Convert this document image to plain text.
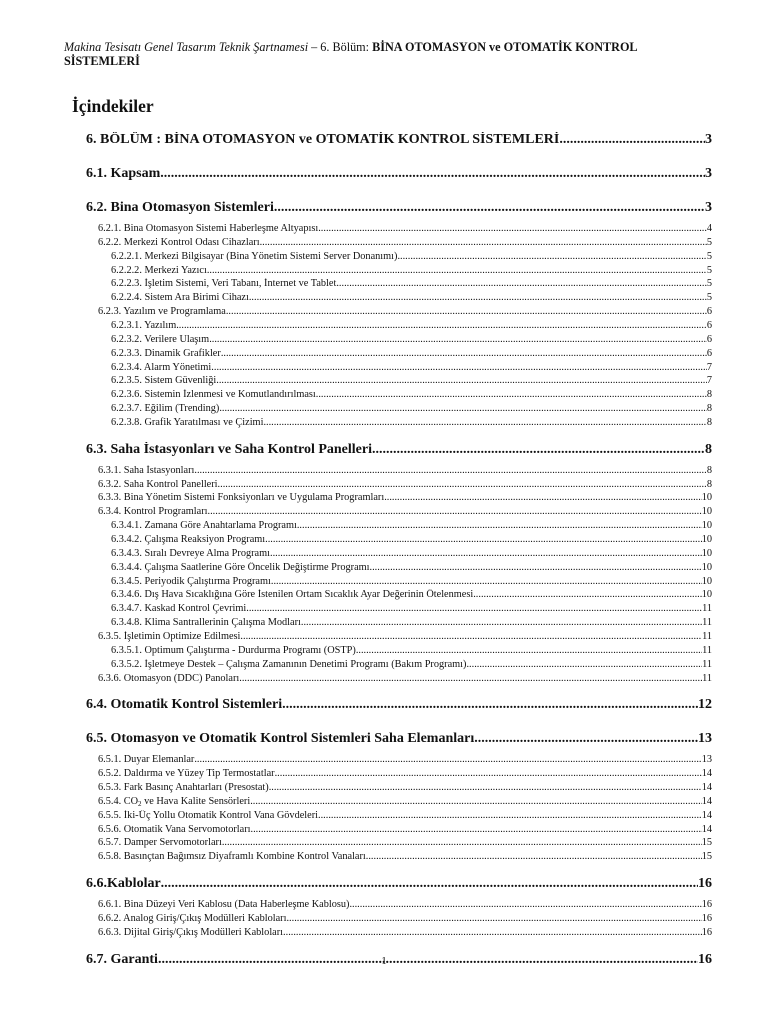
Makina Tesisatı Genel Tasarım Teknik Şartnamesi – 6. Bölüm: BİNA OTOMASYON ve OTOMATİK KONTROL SİSTEMLERİ
İçindekiler
6. BÖLÜM : BİNA OTOMASYON ve OTOMATİK KONTROL SİSTEMLERİ .....	3
6.1. Kapsam .....	3
6.2. Bina Otomasyon Sistemleri .....	3
6.2.1. Bina Otomasyon Sistemi Haberleşme Altyapısı .....	4
6.2.2. Merkezi Kontrol Odası Cihazları .....	5
6.2.2.1. Merkezi Bilgisayar (Bina Yönetim Sistemi Server Donanımı) .....	5
6.2.2.2. Merkezi Yazıcı .....	5
6.2.2.3. İşletim Sistemi, Veri Tabanı, İnternet ve Tablet .....	5
6.2.2.4. Sistem Ara Birimi Cihazı .....	5
6.2.3. Yazılım ve Programlama .....	6
6.2.3.1. Yazılım .....	6
6.2.3.2. Verilere Ulaşım .....	6
6.2.3.3. Dinamik Grafikler .....	6
6.2.3.4. Alarm Yönetimi .....	7
6.2.3.5. Sistem Güvenliği .....	7
6.2.3.6. Sistemin İzlenmesi ve Komutlandırılması .....	8
6.2.3.7. Eğilim (Trending) .....	8
6.2.3.8. Grafik Yaratılması ve Çizimi .....	8
6.3. Saha İstasyonları ve Saha Kontrol Panelleri .....	8
6.3.1. Saha İstasyonları .....	8
6.3.2. Saha Kontrol Panelleri .....	8
6.3.3. Bina Yönetim Sistemi Fonksiyonları ve Uygulama Programları .....	10
6.3.4. Kontrol Programları .....	10
6.3.4.1. Zamana Göre Anahtarlama Programı .....	10
6.3.4.2. Çalışma Reaksiyon Programı .....	10
6.3.4.3. Sıralı Devreye Alma Programı .....	10
6.3.4.4. Çalışma Saatlerine Göre Öncelik Değiştirme Programı .....	10
6.3.4.5. Periyodik Çalıştırma Programı .....	10
6.3.4.6. Dış Hava Sıcaklığına Göre İstenilen Ortam Sıcaklık Ayar Değerinin Ötelenmesi .....	10
6.3.4.7. Kaskad Kontrol Çevrimi .....	11
6.3.4.8. Klima Santrallerinin Çalışma Modları .....	11
6.3.5. İşletimin Optimize Edilmesi .....	11
6.3.5.1. Optimum Çalıştırma - Durdurma Programı (OSTP) .....	11
6.3.5.2. İşletmeye Destek – Çalışma Zamanının Denetimi Programı (Bakım Programı) .....	11
6.3.6. Otomasyon (DDC) Panoları .....	11
6.4. Otomatik Kontrol Sistemleri .....	12
6.5. Otomasyon ve Otomatik Kontrol Sistemleri Saha Elemanları .....	13
6.5.1. Duyar Elemanlar .....	13
6.5.2. Daldırma ve Yüzey Tip Termostatlar .....	14
6.5.3. Fark Basınç Anahtarları (Presostat) .....	14
6.5.4. $CO_2$ ve Hava Kalite Sensörleri .....	14
6.5.5. İki-Üç Yollu Otomatik Kontrol Vana Gövdeleri .....	14
6.5.6. Otomatik Vana Servomotorları .....	14
6.5.7. Damper Servomotorları .....	15
6.5.8. Basınçtan Bağımsız Diyaframlı Kombine Kontrol Vanaları .....	15
6.6.Kablolar .....	16
6.6.1. Bina Düzeyi Veri Kablosu (Data Haberleşme Kablosu) .....	16
6.6.2. Analog Giriş/Çıkış Modülleri Kabloları .....	16
6.6.3. Dijital Giriş/Çıkış Modülleri Kabloları .....	16
6.7. Garanti .....	16
1
